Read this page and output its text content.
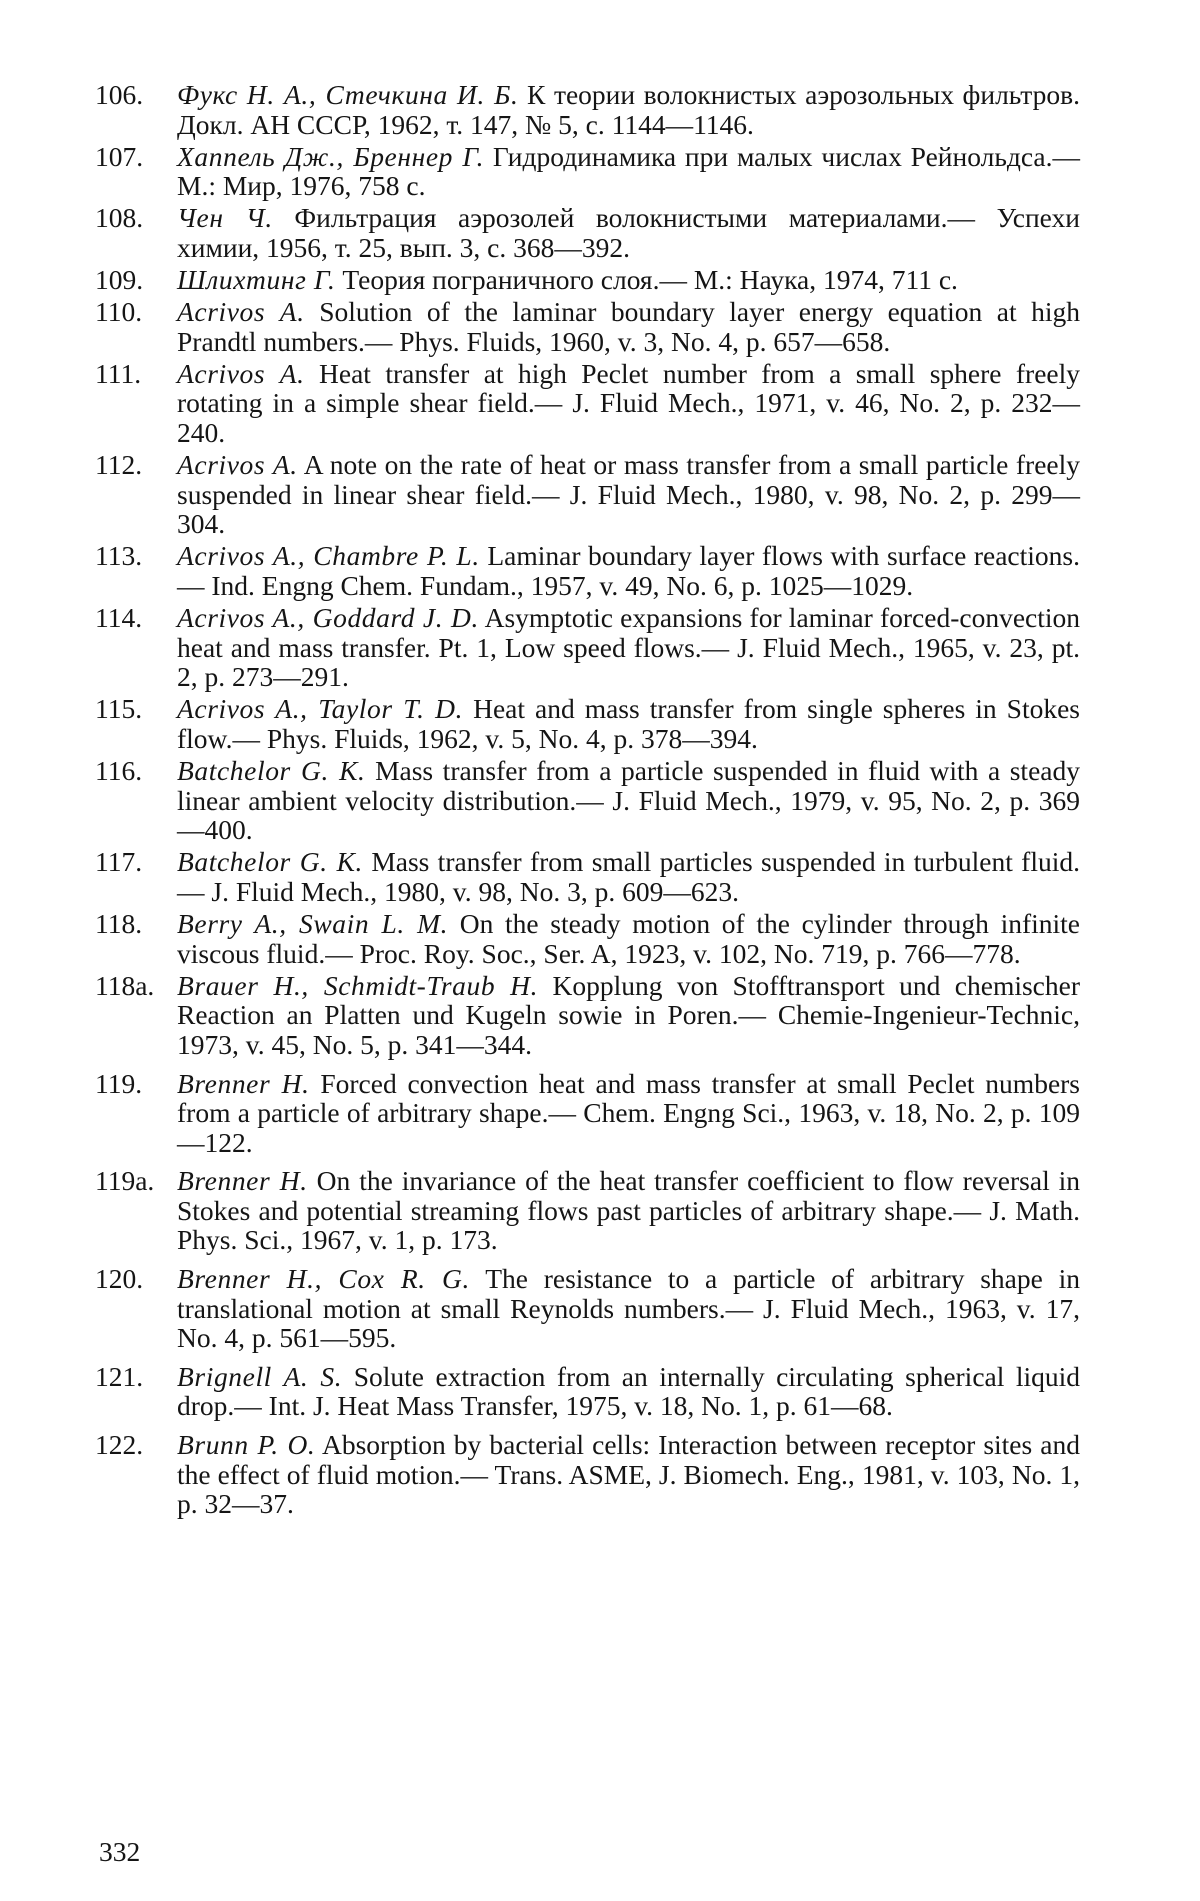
106. Фукс Н. А., Стечкина И. Б. К теории волокнистых аэрозольных фильтров. Докл. АН СССР, 1962, т. 147, № 5, с. 1144—1146.
107. Хаппель Дж., Бреннер Г. Гидродинамика при малых числах Рейнольдса.— М.: Мир, 1976, 758 с.
108. Чен Ч. Фильтрация аэрозолей волокнистыми материалами.— Успехи химии, 1956, т. 25, вып. 3, с. 368—392.
109. Шлихтинг Г. Теория пограничного слоя.— М.: Наука, 1974, 711 с.
110. Acrivos A. Solution of the laminar boundary layer energy equation at high Prandtl numbers.— Phys. Fluids, 1960, v. 3, No. 4, p. 657—658.
111. Acrivos A. Heat transfer at high Peclet number from a small sphere freely rotating in a simple shear field.— J. Fluid Mech., 1971, v. 46, No. 2, p. 232—240.
112. Acrivos A. A note on the rate of heat or mass transfer from a small particle freely suspended in linear shear field.— J. Fluid Mech., 1980, v. 98, No. 2, p. 299—304.
113. Acrivos A., Chambre P. L. Laminar boundary layer flows with surface reactions.— Ind. Engng Chem. Fundam., 1957, v. 49, No. 6, p. 1025—1029.
114. Acrivos A., Goddard J. D. Asymptotic expansions for laminar forced-convection heat and mass transfer. Pt. 1, Low speed flows.— J. Fluid Mech., 1965, v. 23, pt. 2, p. 273—291.
115. Acrivos A., Taylor T. D. Heat and mass transfer from single spheres in Stokes flow.— Phys. Fluids, 1962, v. 5, No. 4, p. 378—394.
116. Batchelor G. K. Mass transfer from a particle suspended in fluid with a steady linear ambient velocity distribution.— J. Fluid Mech., 1979, v. 95, No. 2, p. 369—400.
117. Batchelor G. K. Mass transfer from small particles suspended in turbulent fluid.— J. Fluid Mech., 1980, v. 98, No. 3, p. 609—623.
118. Berry A., Swain L. M. On the steady motion of the cylinder through infinite viscous fluid.— Proc. Roy. Soc., Ser. A, 1923, v. 102, No. 719, p. 766—778.
118a. Brauer H., Schmidt-Traub H. Kopplung von Stofftransport und chemischer Reaction an Platten und Kugeln sowie in Poren.— Chemie-Ingenieur-Technic, 1973, v. 45, No. 5, p. 341—344.
119. Brenner H. Forced convection heat and mass transfer at small Peclet numbers from a particle of arbitrary shape.— Chem. Engng Sci., 1963, v. 18, No. 2, p. 109—122.
119a. Brenner H. On the invariance of the heat transfer coefficient to flow reversal in Stokes and potential streaming flows past particles of arbitrary shape.— J. Math. Phys. Sci., 1967, v. 1, p. 173.
120. Brenner H., Cox R. G. The resistance to a particle of arbitrary shape in translational motion at small Reynolds numbers.— J. Fluid Mech., 1963, v. 17, No. 4, p. 561—595.
121. Brignell A. S. Solute extraction from an internally circulating spherical liquid drop.— Int. J. Heat Mass Transfer, 1975, v. 18, No. 1, p. 61—68.
122. Brunn P. O. Absorption by bacterial cells: Interaction between receptor sites and the effect of fluid motion.— Trans. ASME, J. Biomech. Eng., 1981, v. 103, No. 1, p. 32—37.
332
